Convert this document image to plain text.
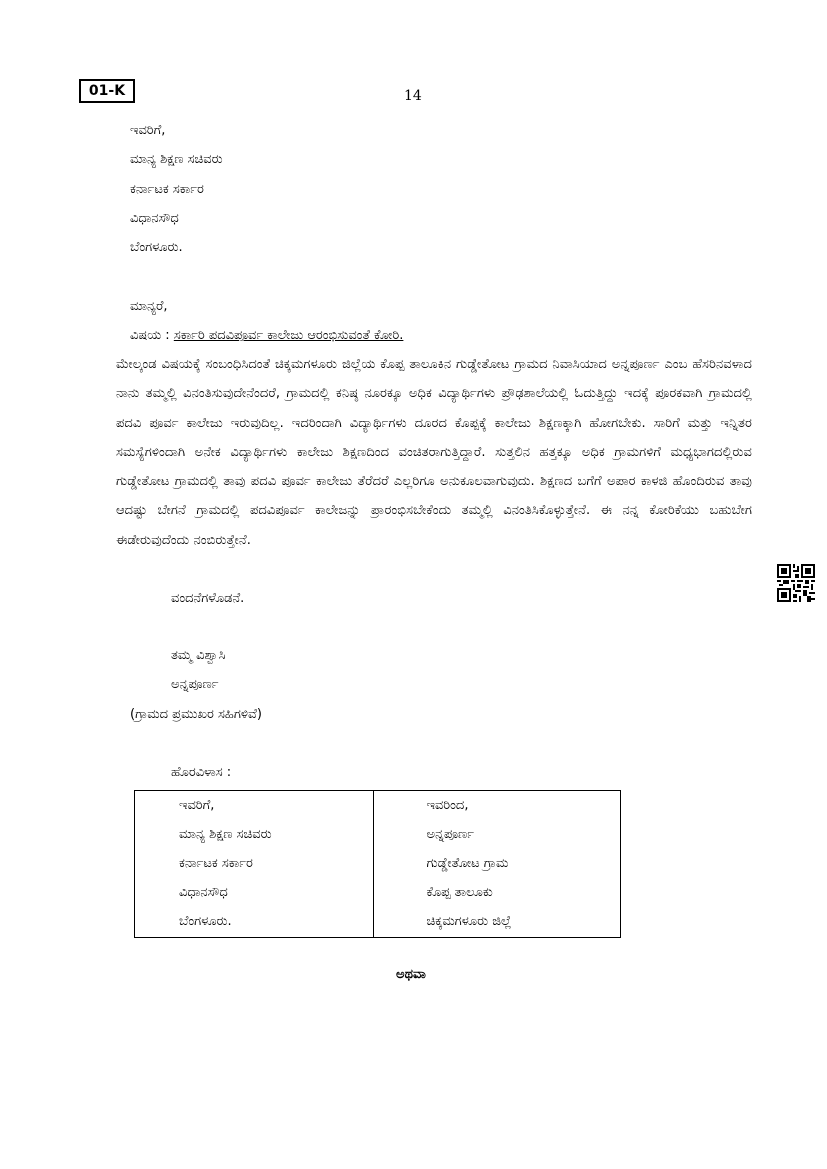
01-K	14
ಇವರಿಗೆ,
ಮಾನ್ಯ ಶಿಕ್ಷಣ ಸಚಿವರು
ಕರ್ನಾಟಕ ಸರ್ಕಾರ
ವಿಧಾನಸೌಧ
ಬೆಂಗಳೂರು.
ಮಾನ್ಯರೆ,
ವಿಷಯ : ಸರ್ಕಾರಿ ಪದವಿಪೂರ್ವ ಕಾಲೇಜು ಆರಂಭಿಸುವಂತೆ ಕೋರಿ.
ಮೇಲ್ಕಂಡ ವಿಷಯಕ್ಕೆ ಸಂಬಂಧಿಸಿದಂತೆ ಚಿಕ್ಕಮಗಳೂರು ಜಿಲ್ಲೆಯ ಕೊಪ್ಪ ತಾಲೂಕಿನ ಗುಡ್ಡೇತೋಟ ಗ್ರಾಮದ ನಿವಾಸಿಯಾದ ಅನ್ನಪೂರ್ಣ ಎಂಬ ಹೆಸರಿನವಳಾದ ನಾನು ತಮ್ಮಲ್ಲಿ ವಿನಂತಿಸುವುದೇನೆಂದರೆ, ಗ್ರಾಮದಲ್ಲಿ ಕನಿಷ್ಠ ನೂರಕ್ಕೂ ಅಧಿಕ ವಿದ್ಯಾರ್ಥಿಗಳು ಪ್ರೌಢಶಾಲೆಯಲ್ಲಿ ಓದುತ್ತಿದ್ದು ಇದಕ್ಕೆ ಪೂರಕವಾಗಿ ಗ್ರಾಮದಲ್ಲಿ ಪದವಿ ಪೂರ್ವ ಕಾಲೇಜು ಇರುವುದಿಲ್ಲ. ಇದರಿಂದಾಗಿ ವಿದ್ಯಾರ್ಥಿಗಳು ದೂರದ ಕೊಪ್ಪಕ್ಕೆ ಕಾಲೇಜು ಶಿಕ್ಷಣಕ್ಕಾಗಿ ಹೋಗಬೇಕು. ಸಾರಿಗೆ ಮತ್ತು ಇನ್ನಿತರ ಸಮಸ್ಯೆಗಳಿಂದಾಗಿ ಅನೇಕ ವಿದ್ಯಾರ್ಥಿಗಳು ಕಾಲೇಜು ಶಿಕ್ಷಣದಿಂದ ವಂಚಿತರಾಗುತ್ತಿದ್ದಾರೆ. ಸುತ್ತಲಿನ ಹತ್ತಕ್ಕೂ ಅಧಿಕ ಗ್ರಾಮಗಳಿಗೆ ಮಧ್ಯಭಾಗದಲ್ಲಿರುವ ಗುಡ್ಡೇತೋಟ ಗ್ರಾಮದಲ್ಲಿ ತಾವು ಪದವಿ ಪೂರ್ವ ಕಾಲೇಜು ತೆರೆದರೆ ಎಲ್ಲರಿಗೂ ಅನುಕೂಲವಾಗುವುದು. ಶಿಕ್ಷಣದ ಬಗೆಗೆ ಅಪಾರ ಕಾಳಜಿ ಹೊಂದಿರುವ ತಾವು ಆದಷ್ಟು ಬೇಗನೆ ಗ್ರಾಮದಲ್ಲಿ ಪದವಿಪೂರ್ವ ಕಾಲೇಜನ್ನು ಪ್ರಾರಂಭಿಸಬೇಕೆಂದು ತಮ್ಮಲ್ಲಿ ವಿನಂತಿಸಿಕೊಳ್ಳುತ್ತೇನೆ. ಈ ನನ್ನ ಕೋರಿಕೆಯು ಬಹುಬೇಗ ಈಡೇರುವುದೆಂದು ನಂಬಿರುತ್ತೇನೆ.
ವಂದನೆಗಳೊಡನೆ.
ತಮ್ಮ ವಿಶ್ವಾಸಿ
ಅನ್ನಪೂರ್ಣ
(ಗ್ರಾಮದ ಪ್ರಮುಖರ ಸಹಿಗಳಿವೆ)
ಹೊರವಿಳಾಸ :
ಇವರಿಗೆ,
ಮಾನ್ಯ ಶಿಕ್ಷಣ ಸಚಿವರು
ಕರ್ನಾಟಕ ಸರ್ಕಾರ
ವಿಧಾನಸೌಧ
ಬೆಂಗಳೂರು.
ಇವರಿಂದ,
ಅನ್ನಪೂರ್ಣ
ಗುಡ್ಡೇತೋಟ ಗ್ರಾಮ
ಕೊಪ್ಪ ತಾಲೂಕು
ಚಿಕ್ಕಮಗಳೂರು ಜಿಲ್ಲೆ
ಅಥವಾ
